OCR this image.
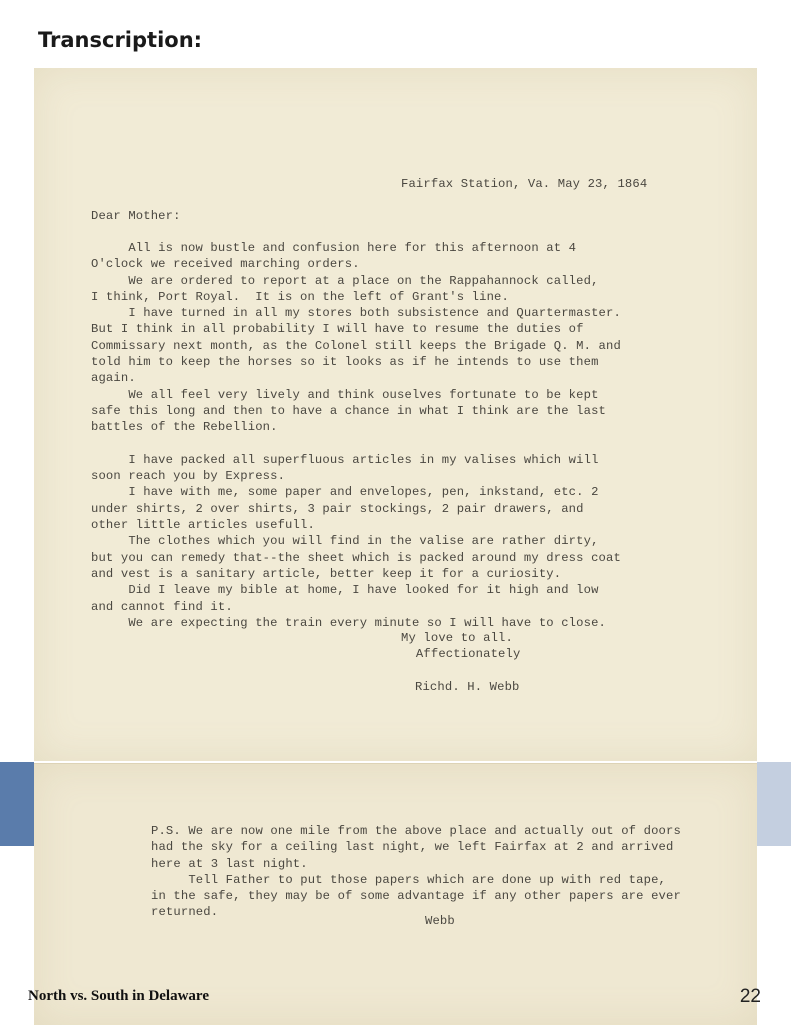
Transcription:
Fairfax Station, Va. May 23, 1864
Dear Mother:
All is now bustle and confusion here for this afternoon at 4
O'clock we received marching orders.
We are ordered to report at a place on the Rappahannock called,
I think, Port Royal.  It is on the left of Grant's line.
I have turned in all my stores both subsistence and Quartermaster.
But I think in all probability I will have to resume the duties of
Commissary next month, as the Colonel still keeps the Brigade Q. M. and
told him to keep the horses so it looks as if he intends to use them
again.
We all feel very lively and think ouselves fortunate to be kept
safe this long and then to have a chance in what I think are the last
battles of the Rebellion.

I have packed all superfluous articles in my valises which will
soon reach you by Express.
I have with me, some paper and envelopes, pen, inkstand, etc. 2
under shirts, 2 over shirts, 3 pair stockings, 2 pair drawers, and
other little articles usefull.
The clothes which you will find in the valise are rather dirty,
but you can remedy that--the sheet which is packed around my dress coat
and vest is a sanitary article, better keep it for a curiosity.
Did I leave my bible at home, I have looked for it high and low
and cannot find it.
We are expecting the train every minute so I will have to close.
My love to all.
Affectionately
Richd. H. Webb
P.S. We are now one mile from the above place and actually out of doors
had the sky for a ceiling last night, we left Fairfax at 2 and arrived
here at 3 last night.
Tell Father to put those papers which are done up with red tape,
in the safe, they may be of some advantage if any other papers are ever
returned.
Webb
North vs. South in Delaware	22
